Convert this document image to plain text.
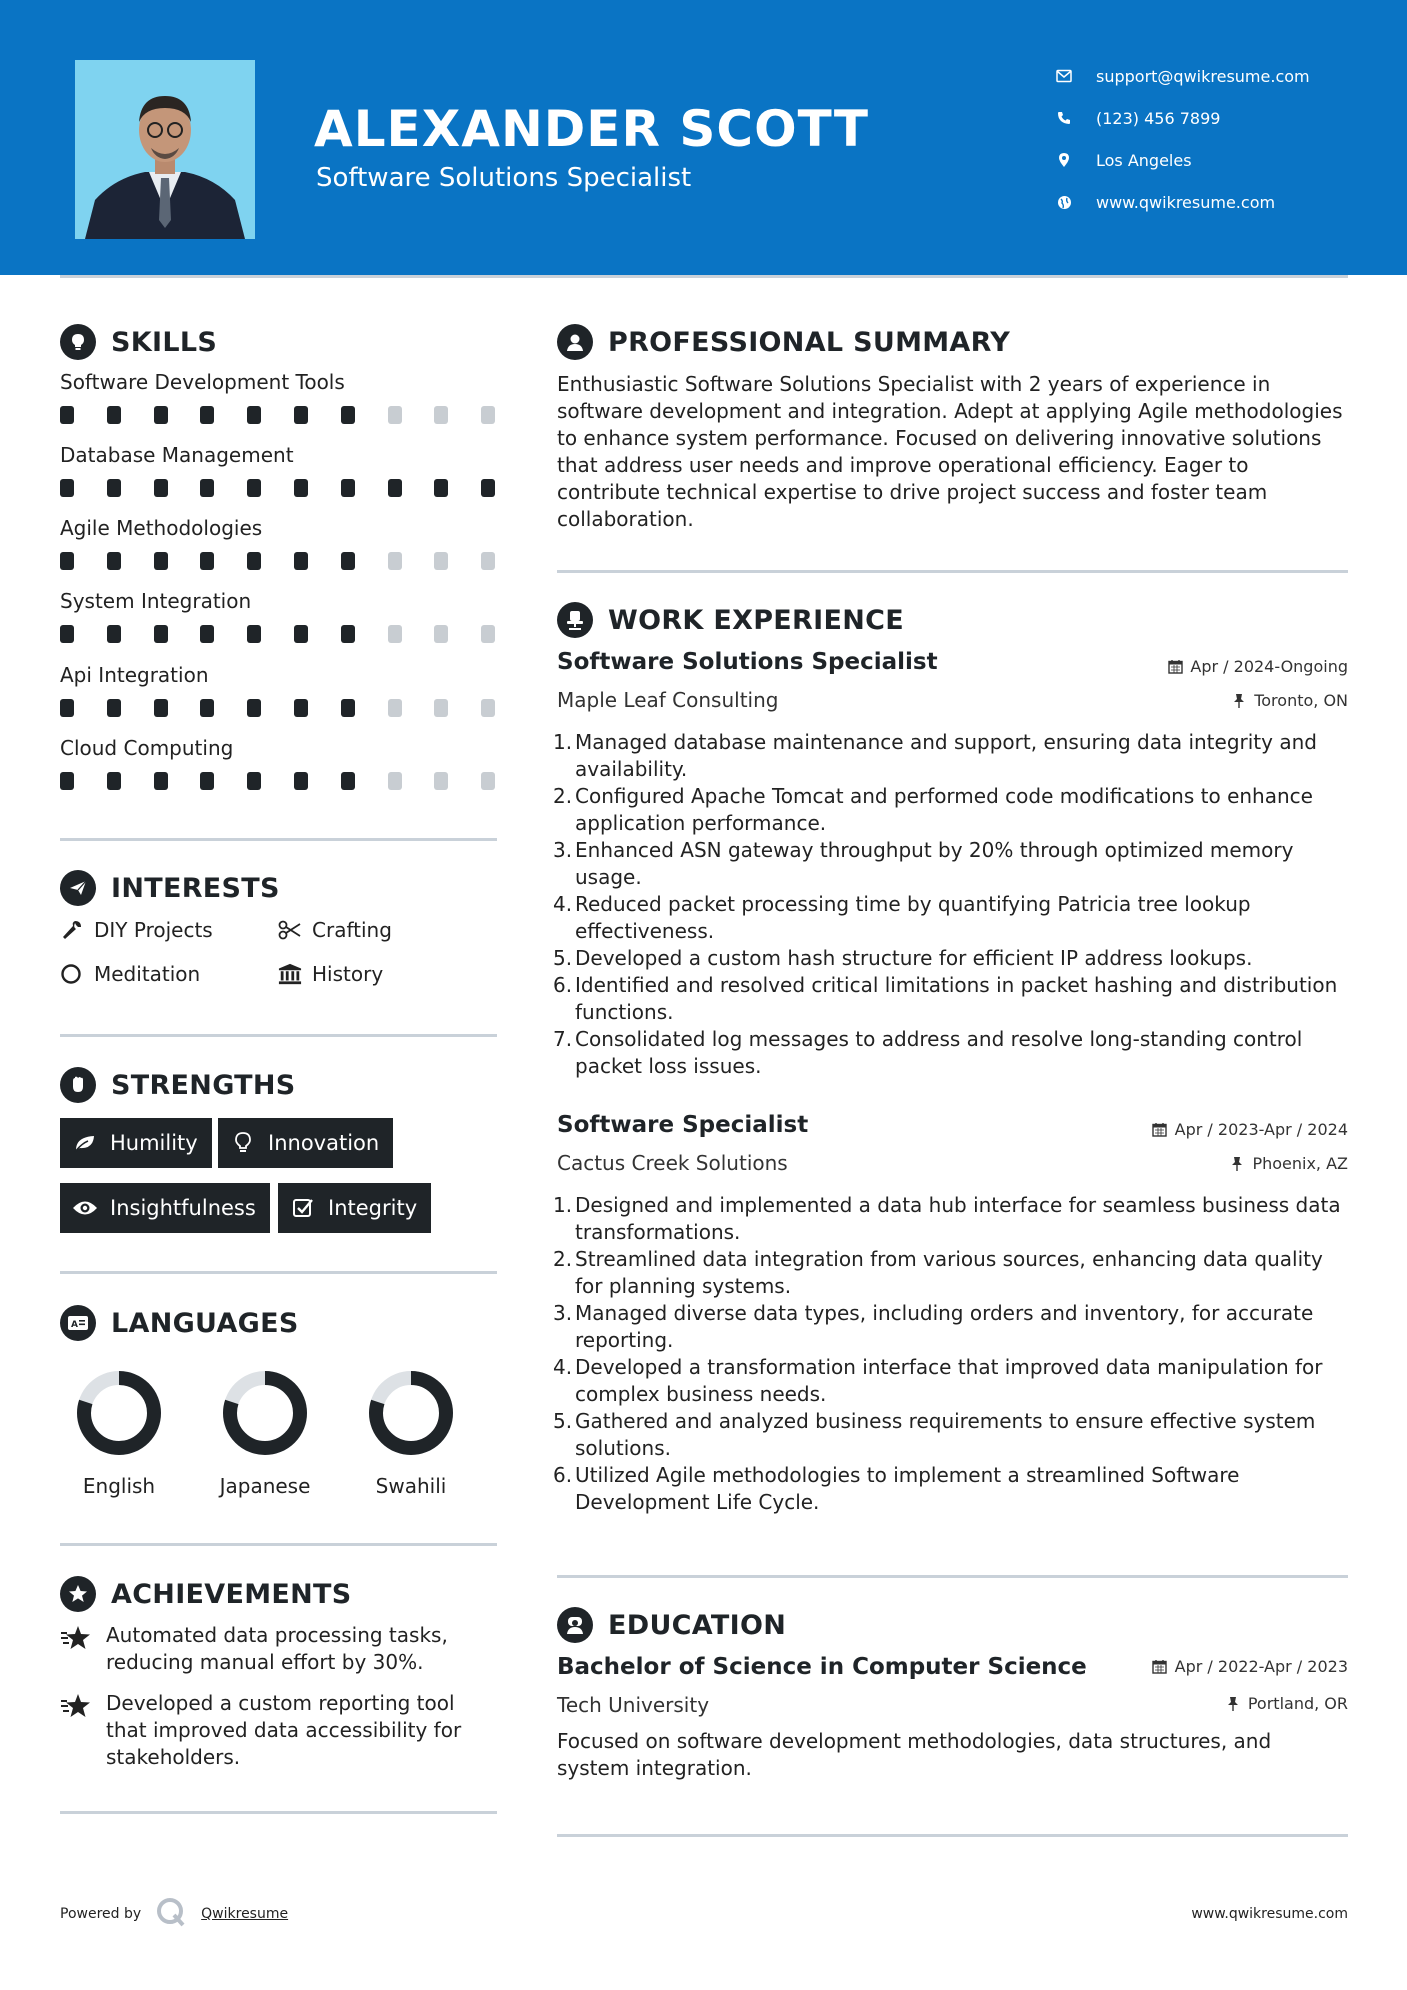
ALEXANDER SCOTT
Software Solutions Specialist
support@qwikresume.com
(123) 456 7899
Los Angeles
www.qwikresume.com
SKILLS
Software Development Tools
Database Management
Agile Methodologies
System Integration
Api Integration
Cloud Computing
INTERESTS
DIY Projects	Crafting
Meditation	History
STRENGTHS
Humility	Innovation
Insightfulness	Integrity
A LANGUAGES
English	Japanese	Swahili
ACHIEVEMENTS
Automated data processing tasks, reducing manual effort by 30%.
Developed a custom reporting tool that improved data accessibility for stakeholders.
PROFESSIONAL SUMMARY
Enthusiastic Software Solutions Specialist with 2 years of experience in software development and integration. Adept at applying Agile methodologies to enhance system performance. Focused on delivering innovative solutions that address user needs and improve operational efficiency. Eager to contribute technical expertise to drive project success and foster team collaboration.
WORK EXPERIENCE
Software Solutions Specialist	Apr / 2024-Ongoing
Maple Leaf Consulting	Toronto, ON
1. Managed database maintenance and support, ensuring data integrity and availability.
2. Configured Apache Tomcat and performed code modifications to enhance application performance.
3. Enhanced ASN gateway throughput by 20% through optimized memory usage.
4. Reduced packet processing time by quantifying Patricia tree lookup effectiveness.
5. Developed a custom hash structure for efficient IP address lookups.
6. Identified and resolved critical limitations in packet hashing and distribution functions.
7. Consolidated log messages to address and resolve long-standing control packet loss issues.
Software Specialist	Apr / 2023-Apr / 2024
Cactus Creek Solutions	Phoenix, AZ
1. Designed and implemented a data hub interface for seamless business data transformations.
2. Streamlined data integration from various sources, enhancing data quality for planning systems.
3. Managed diverse data types, including orders and inventory, for accurate reporting.
4. Developed a transformation interface that improved data manipulation for complex business needs.
5. Gathered and analyzed business requirements to ensure effective system solutions.
6. Utilized Agile methodologies to implement a streamlined Software Development Life Cycle.
EDUCATION
Bachelor of Science in Computer Science	Apr / 2022-Apr / 2023
Tech University	Portland, OR
Focused on software development methodologies, data structures, and system integration.
Powered by	Qwikresume	www.qwikresume.com
